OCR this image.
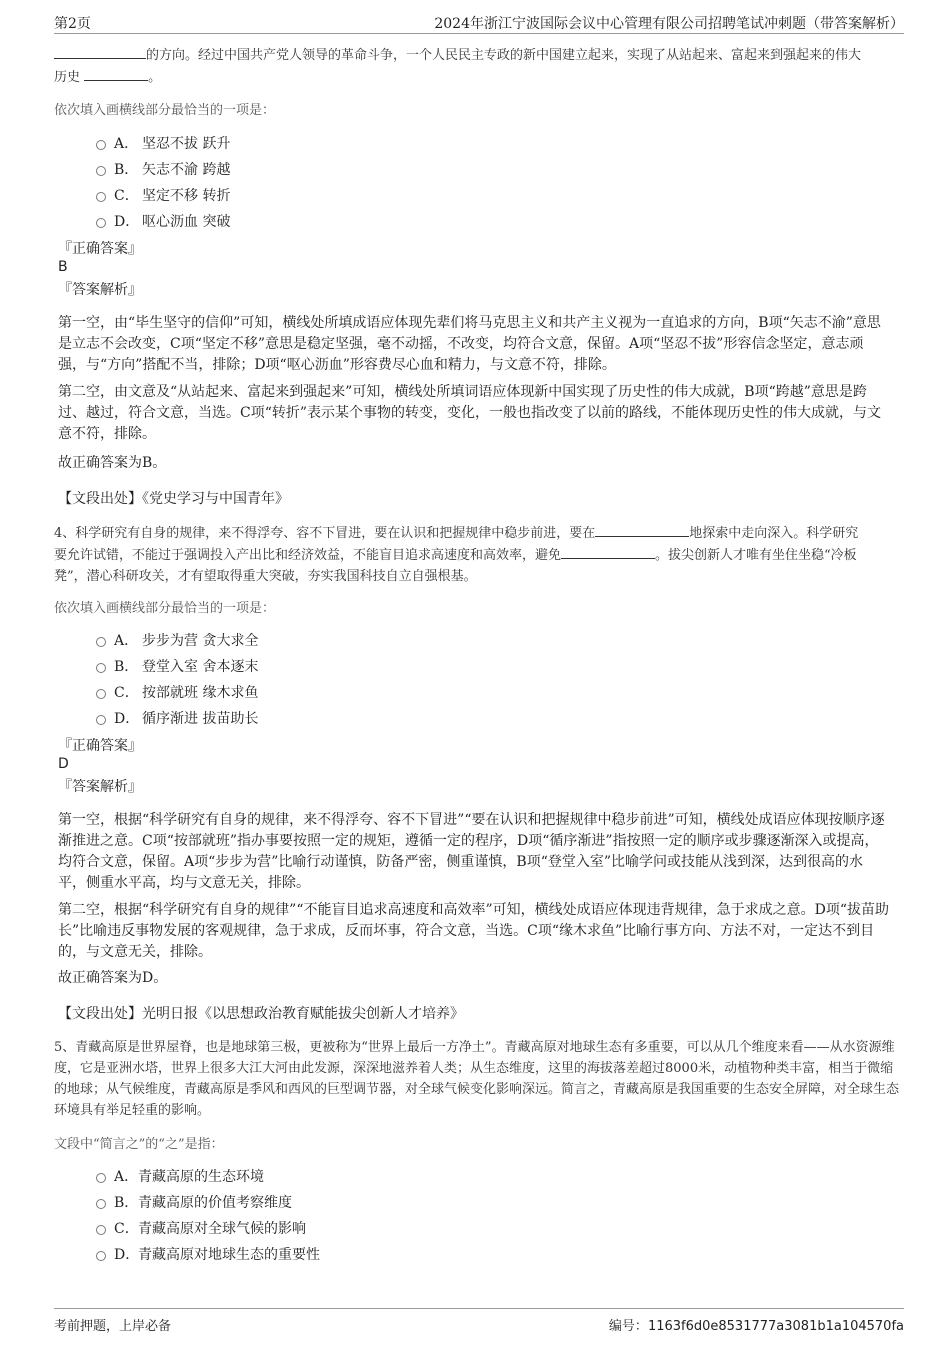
第2页	2024年浙江宁波国际会议中心管理有限公司招聘笔试冲刺题（带答案解析）
的方向。经过中国共产党人领导的革命斗争，一个人民民主专政的新中国建立起来，实现了从站起来、富起来到强起来的伟大
历史	。
依次填入画横线部分最恰当的一项是：
A． 坚忍不拔 跃升
B． 矢志不渝 跨越
C． 坚定不移 转折
D． 呕心沥血 突破
『正确答案』
B
『答案解析』
第一空，由“毕生坚守的信仰”可知，横线处所填成语应体现先辈们将马克思主义和共产主义视为一直追求的方向，B项“矢志不渝”意思是立志不会改变，C项“坚定不移”意思是稳定坚强，毫不动摇，不改变，均符合文意，保留。A项“坚忍不拔”形容信念坚定，意志顽强，与“方向”搭配不当，排除；D项“呕心沥血”形容费尽心血和精力，与文意不符，排除。
第二空，由文意及“从站起来、富起来到强起来”可知，横线处所填词语应体现新中国实现了历史性的伟大成就，B项“跨越”意思是跨过、越过，符合文意，当选。C项“转折”表示某个事物的转变，变化，一般也指改变了以前的路线，不能体现历史性的伟大成就，与文意不符，排除。
故正确答案为B。
【文段出处】《党史学习与中国青年》
4、科学研究有自身的规律，来不得浮夸、容不下冒进，要在认识和把握规律中稳步前进，要在	地探索中走向深入。科学研究
要允许试错，不能过于强调投入产出比和经济效益，不能盲目追求高速度和高效率，避免	。拔尖创新人才唯有坐住坐稳“冷板
凳”，潜心科研攻关，才有望取得重大突破，夯实我国科技自立自强根基。
依次填入画横线部分最恰当的一项是：
A． 步步为营 贪大求全
B． 登堂入室 舍本逐末
C． 按部就班 缘木求鱼
D． 循序渐进 拔苗助长
『正确答案』
D
『答案解析』
第一空，根据“科学研究有自身的规律，来不得浮夸、容不下冒进”“要在认识和把握规律中稳步前进”可知，横线处成语应体现按顺序逐渐推进之意。C项“按部就班”指办事要按照一定的规矩，遵循一定的程序，D项“循序渐进”指按照一定的顺序或步骤逐渐深入或提高，均符合文意，保留。A项“步步为营”比喻行动谨慎，防备严密，侧重谨慎，B项“登堂入室”比喻学问或技能从浅到深，达到很高的水平，侧重水平高，均与文意无关，排除。
第二空，根据“科学研究有自身的规律”“不能盲目追求高速度和高效率”可知，横线处成语应体现违背规律，急于求成之意。D项“拔苗助长”比喻违反事物发展的客观规律，急于求成，反而坏事，符合文意，当选。C项“缘木求鱼”比喻行事方向、方法不对，一定达不到目的，与文意无关，排除。
故正确答案为D。
【文段出处】光明日报《以思想政治教育赋能拔尖创新人才培养》
5、青藏高原是世界屋脊，也是地球第三极，更被称为“世界上最后一方净土”。青藏高原对地球生态有多重要，可以从几个维度来看——从水资源维度，它是亚洲水塔，世界上很多大江大河由此发源，深深地滋养着人类；从生态维度，这里的海拔落差超过8000米，动植物种类丰富，相当于微缩的地球；从气候维度，青藏高原是季风和西风的巨型调节器，对全球气候变化影响深远。简言之，青藏高原是我国重要的生态安全屏障，对全球生态环境具有举足轻重的影响。
文段中“简言之”的“之”是指：
A．青藏高原的生态环境
B．青藏高原的价值考察维度
C．青藏高原对全球气候的影响
D．青藏高原对地球生态的重要性
考前押题，上岸必备	编号：1163f6d0e8531777a3081b1a104570fa
